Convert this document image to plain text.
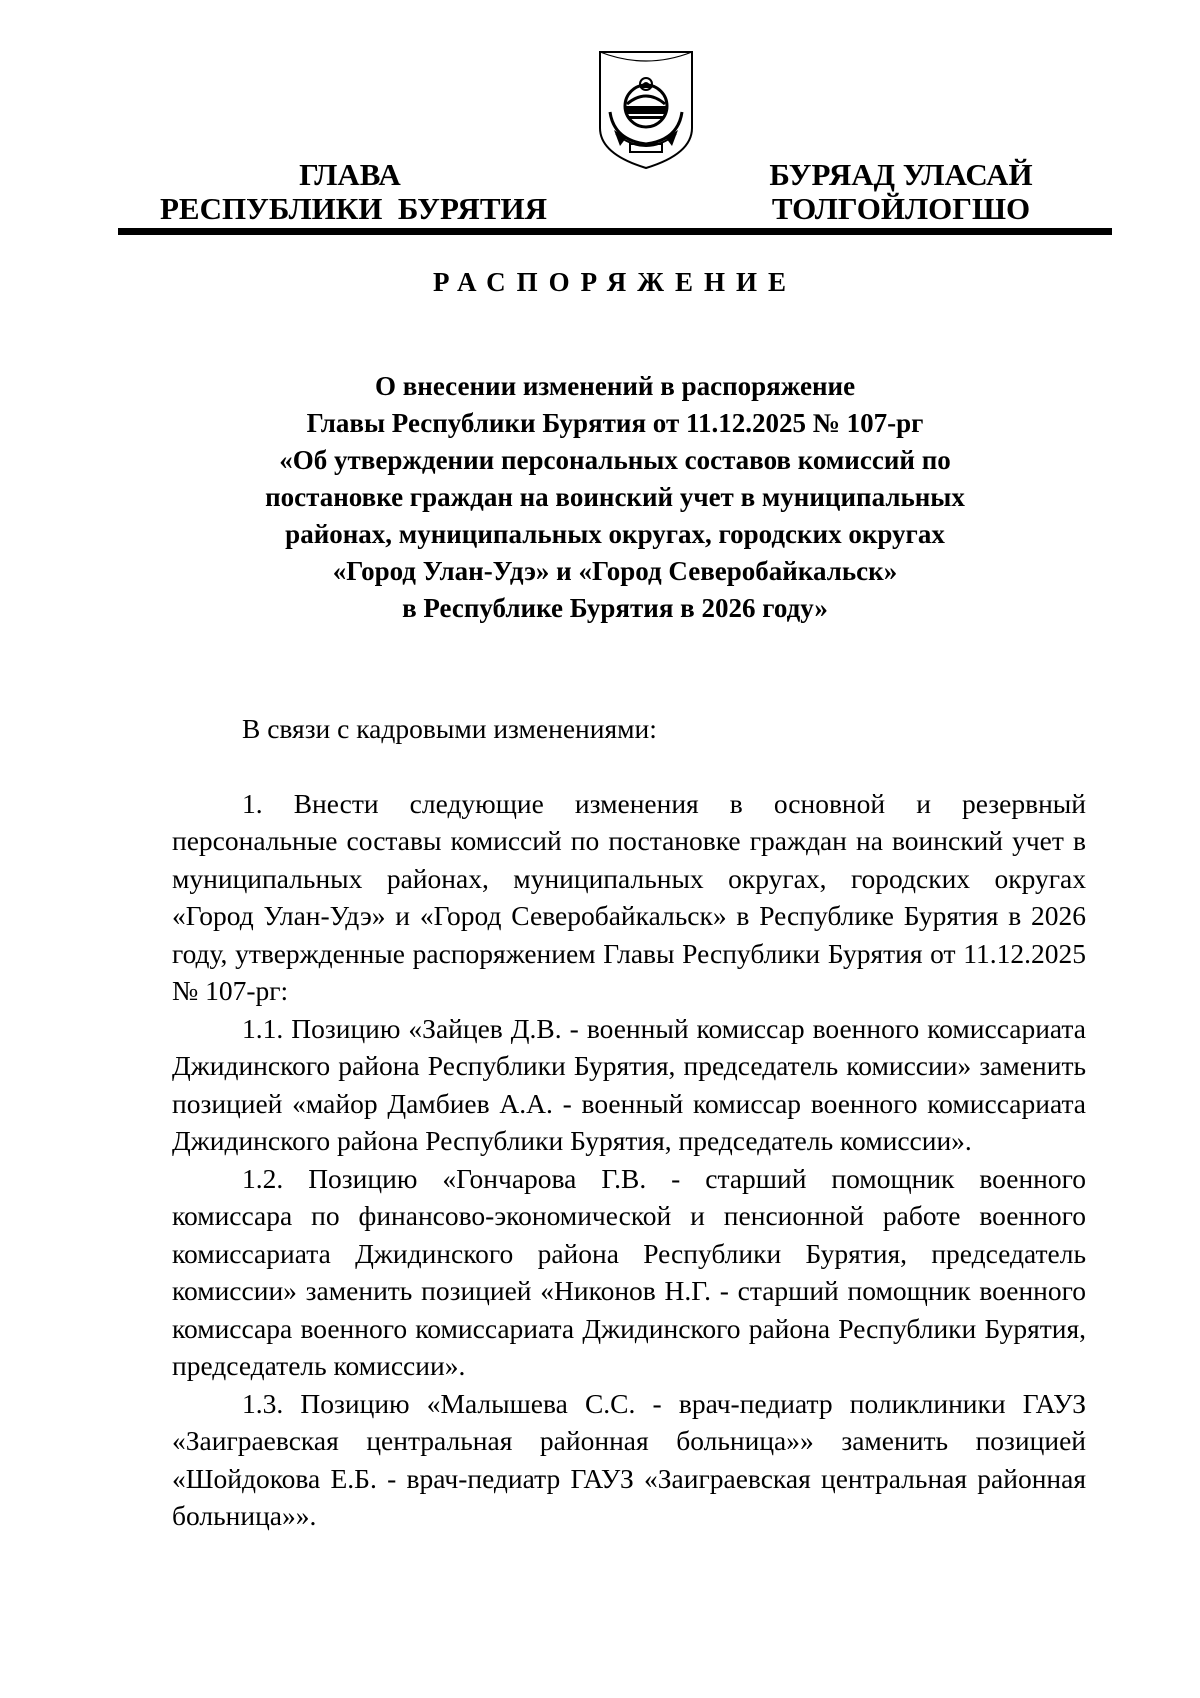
ГЛАВА
РЕСПУБЛИКИ  БУРЯТИЯ
БУРЯАД УЛАСАЙ
ТОЛГОЙЛОГШО
РАСПОРЯЖЕНИЕ
О внесении изменений в распоряжение
Главы Республики Бурятия от 11.12.2025 № 107-рг
«Об утверждении персональных составов комиссий по
постановке граждан на воинский учет в муниципальных
районах, муниципальных округах, городских округах
«Город Улан-Удэ» и «Город Северобайкальск»
в Республике Бурятия в 2026 году»

В связи с кадровыми изменениями:

1. Внести следующие изменения в основной и резервный персональные составы комиссий по постановке граждан на воинский учет в муниципальных районах, муниципальных округах, городских округах «Город Улан-Удэ» и «Город Северобайкальск» в Республике Бурятия в 2026 году, утвержденные распоряжением Главы Республики Бурятия от 11.12.2025 № 107-рг:

1.1. Позицию «Зайцев Д.В. - военный комиссар военного комиссариата Джидинского района Республики Бурятия, председатель комиссии» заменить позицией «майор Дамбиев А.А. - военный комиссар военного комиссариата Джидинского района Республики Бурятия, председатель комиссии».

1.2. Позицию «Гончарова Г.В. - старший помощник военного комиссара по финансово-экономической и пенсионной работе военного комиссариата Джидинского района Республики Бурятия, председатель комиссии» заменить позицией «Никонов Н.Г. - старший помощник военного комиссара военного комиссариата Джидинского района Республики Бурятия, председатель комиссии».

1.3. Позицию «Малышева С.С. - врач-педиатр поликлиники ГАУЗ «Заиграевская центральная районная больница»» заменить позицией «Шойдокова Е.Б. - врач-педиатр ГАУЗ «Заиграевская центральная районная больница»».
